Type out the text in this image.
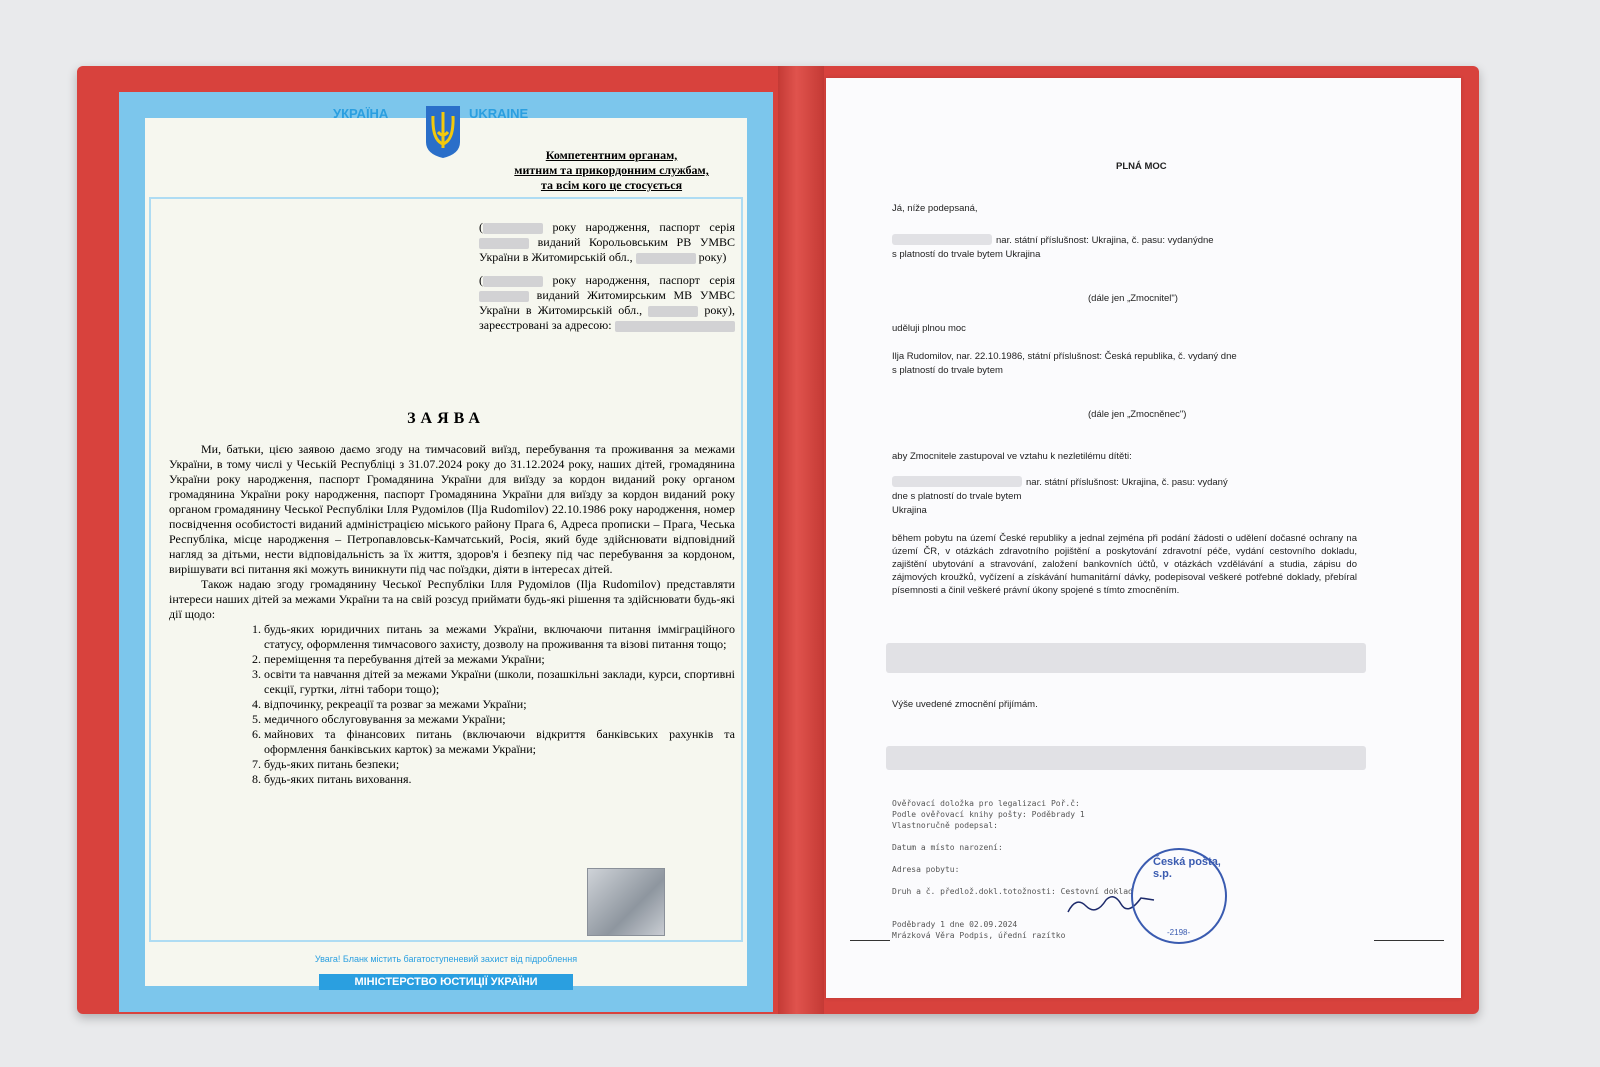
УКРАЇНА	UKRAINE
Компетентним органам,
митним та прикордонним службам,
та всім кого це стосується
(	року народження, паспорт серія  виданий Корольовським РВ УМВС України в Житомирській обл.,	року)
(	року народження, паспорт серія  виданий Житомирським МВ УМВС України в Житомирській обл.,	року), зареєстровані за адресою:
ЗАЯВА

Ми, батьки, цією заявою даємо згоду на тимчасовий виїзд, перебування та проживання за межами України, в тому числі у Чеській Республіці з 31.07.2024 року до 31.12.2024 року, наших дітей, громадянина України року народження, паспорт Громадянина України для виїзду за кордон виданий року органом громадянина України року народження, паспорт Громадянина України для виїзду за кордон виданий року органом громадянину Чеської Республіки Ілля Рудомілов (Ilja Rudomilov) 22.10.1986 року народження, номер посвідчення особистості виданий адміністрацією міського району Прага 6, Адреса прописки – Прага, Чеська Республіка, місце народження – Петропавловськ-Камчатський, Росія, який буде здійснювати відповідний нагляд за дітьми, нести відповідальність за їх життя, здоров'я і безпеку під час перебування за кордоном, вирішувати всі питання які можуть виникнути під час поїздки, діяти в інтересах дітей.

Також надаю згоду громадянину Чеської Республіки Ілля Рудомілов (Ilja Rudomilov) представляти інтереси наших дітей за межами України та на свій розсуд приймати будь-які рішення та здійснювати будь-які дії щодо:

1. будь-яких юридичних питань за межами України, включаючи питання імміграційного статусу, оформлення тимчасового захисту, дозволу на проживання та візові питання тощо;
2. переміщення та перебування дітей за межами України;
3. освіти та навчання дітей за межами України (школи, позашкільні заклади, курси, спортивні секції, гуртки, літні табори тощо);
4. відпочинку, рекреації та розваг за межами України;
5. медичного обслуговування за межами України;
6. майнових та фінансових питань (включаючи відкриття банківських рахунків та оформлення банківських карток) за межами України;
7. будь-яких питань безпеки;
8. будь-яких питань виховання.
Увага! Бланк містить багатоступеневий захист від підроблення
МІНІСТЕРСТВО ЮСТИЦІЇ УКРАЇНИ
PLNÁ MOC
Já, níže podepsaná,
nar. státní příslušnost: Ukrajina, č. pasu: vydanýdne
s platností do trvale bytem Ukrajina
(dále jen „Zmocnitel")
uděluji plnou moc
Ilja Rudomilov, nar. 22.10.1986, státní příslušnost: Česká republika, č. vydaný dne
s platností do trvale bytem
(dále jen „Zmocněnec")
aby Zmocnitele zastupoval ve vztahu k nezletilému dítěti:
nar. státní příslušnost: Ukrajina, č. pasu: vydaný
dne s platností do trvale bytem
Ukrajina
během pobytu na území České republiky a jednal zejména při podání žádosti o udělení dočasné ochrany na území ČR, v otázkách zdravotního pojištění a poskytování zdravotní péče, vydání cestovního dokladu, zajištění ubytování a stravování, založení bankovních účtů, v otázkách vzdělávání a studia, zápisu do zájmových kroužků, vyčízení a získávání humanitární dávky, podepisoval veškeré potřebné doklady, přebíral písemnosti a činil veškeré právní úkony spojené s tímto zmocněním.
Výše uvedené zmocnění přijímám.
Ověřovací doložka pro legalizaci Poř.č:
Podle ověřovací knihy pošty: Poděbrady 1
Vlastnoručně podepsal:

Datum a místo narození:

Adresa pobytu:

Druh a č. předlož.dokl.totožnosti: Cestovní doklad

Poděbrady 1 dne 02.09.2024
Mrázková Věra Podpis, úřední razítko
Česká pošta, s.p.
-2198-
